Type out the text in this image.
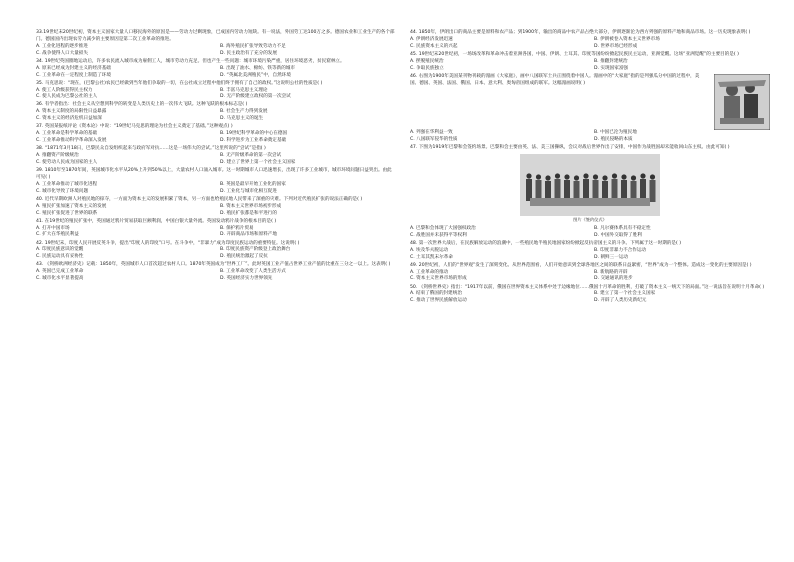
33.19世纪末20世纪初，资本主义国家大量人口移民海外的原因是——劳动力过剩现象，已成国内劳动力短缺。有一说法，外国劳工达100万之多。德国农业和工业生产的各个部门。德国国内出现农劳力减少的主要原因是第二次工业革命的推进。
A. 工业化进程的逐步推进	B. 海外殖民扩张导致劳动力不足
C. 战争使得人口大量损失	D. 民主政治有了充分的发展
34. 19世纪英国圈地运动后，许多农民流入城市成为雇佣工人，城市劳动力充足。但也产生一些问题：城市环境污染严重，居住环境恶劣，贫民窟林立。
A. 原来已经成为封建主义的经济基础	B. 出现了油水、棉纺、铁等新的城市
C. 工业革命在一定程度上制造了环境	D. “英属北美洲殖民”中，自然环境
35. 马克思说：“现在，(巴黎公社)农民已经做到当年他们争取的一切，在公社成立过程中他们终于拥有了自己的政权。”这说明公社的性质是( )
A. 使工人阶级获得民主权力	B. 丰富马克思主义理论
C. 使人民成为巴黎公社的主人	D. 无产阶级建立政权的第一次尝试
36. 有学者指出：社会主义从空想到科学的转变是人类历史上的一次伟大飞跃。这种飞跃的根本标志是( )
A. 资本主义制度的局限性日益暴露	B. 社会生产力得到发展
C. 资本主义的经济危机日益加深	D. 马克思主义的诞生
37. 英国某报纸评论《资本论》中说：“19世纪马克思的理论为社会主义奠定了基础。”这种观点( )
A. 工业革命是科学革命的基础	B. 19世纪科学革命的中心在德国
C. 工业革命推动科学革命深入发展	D. 科学进步为工业革命奠定基础
38. “1871年3月18日，巴黎民众自发组织起来与政府军对抗……这是一场伟大的尝试。”这里所说的“尝试”是指( )
A. 推翻资产阶级统治	B. 无产阶级革命的第一次尝试
C. 使劳动人民成为国家的主人	D. 建立了世界上第一个社会主义国家
39. 1810年至1870年间，英国城市化水平从20%上升到50%以上，大量农村人口涌入城市。这一时期城市人口迅速增长，出现了许多工业城市，城市环境问题日益突出。由此可见( )
A. 工业革命推动了城市化进程	B. 英国是最早开始工业化的国家
C. 城市化导致了环境问题	D. 工业化与城市化相互促进
40. 近代早期欧洲人对殖民地的掠夺，一方面为资本主义的发展积累了资本，另一方面也给殖民地人民带来了深重的灾难。下列对近代殖民扩张的说法正确的是( )
A. 殖民扩张加速了资本主义的发展	B. 资本主义世界市场初步形成
C. 殖民扩张促进了世界的联系	D. 殖民扩张都是和平进行的
41. 在19世纪的殖民扩张中，英国通过鸦片贸易获取巨额利润，中国白银大量外流。英国发动鸦片战争的根本目的是( )
A. 打开中国市场	B. 保护鸦片贸易
C. 扩大在华殖民利益	D. 开辟商品市场和原料产地
42. 19世纪末，印度人民开展反英斗争，提出“印度人的印度”口号。在斗争中，“非暴力”成为印度民族运动的重要特征。这说明( )
A. 印度民族意识的觉醒	B. 印度民族资产阶级登上政治舞台
C. 民族运动具有妥协性	D. 殖民统治激起了反抗
43. 《剑桥欧洲经济史》记载：1850年，英国城市人口首次超过农村人口。1870年英国成为“世界工厂”。此时英国工业产值占世界工业产值的比重在三分之一以上。这表明( )
A. 英国已完成工业革命	B. 工业革命改变了人类生活方式
C. 城市化水平显著提高	D. 英国经济实力世界领先
44. 1850年，伊朗出口的商品主要是原料和农产品；到1900年，输出的商品中农产品占绝大部分，伊朗逐渐沦为西方列强的原料产地和商品市场。这一历史现象表明( )
A. 伊朗经济发展迅速	B. 伊朗被卷入资本主义世界市场
C. 民族资本主义的兴起	D. 世界市场已经形成
45. 19世纪末20世纪初，一场场改革和革命冲击着亚洲各国，中国、伊朗、土耳其、印度等国纷纷掀起民族民主运动，亚洲觉醒。这场“亚洲觉醒”的主要目的是( )
A. 摆脱殖民统治	B. 推翻封建统治
C. 争取民族独立	D. 实现国家富强
46. 右图为1900年美国某刊物刊载的漫画《大家庭》，画中八国联军士兵正围绕着中国人。漫画中的“大家庭”指的是列强瓜分中国的过程中，美国、德国、英国、法国、俄国、日本、意大利、奥匈帝国组成的联军。这幅漫画说明( )
A. 列强在华利益一致	B. 中国已沦为殖民地
C. 八国联军侵华的性质	D. 殖民侵略的本质
47. 下图为1919年巴黎和会签约场景。巴黎和会主要由英、法、美三国操纵，会议对战后世界作出了安排，中国作为战胜国却未能收回山东主权。由此可知( )
图片《签约仪式》
A. 巴黎和会体现了大国强权政治	B. 凡尔赛体系具有不稳定性
C. 战胜国并未获得平等权利	D. 中国外交取得了胜利
48. 第一次世界大战后，在民族解放运动的浪潮中，一些殖民地半殖民地国家纷纷掀起反抗帝国主义的斗争。下列属于这一时期的是( )
A. 埃及华夫脱运动	B. 印度非暴力不合作运动
C. 土耳其凯末尔革命	D. 朝鲜三一运动
49. 20世纪初，人们的“世界观”发生了深刻变化。从世界范围看，人们开始意识到全球各地区之间的联系日益紧密，“世界”成为一个整体。造成这一变化的主要原因是( )
A. 工业革命的推动	B. 新航路的开辟
C. 资本主义世界市场的形成	D. 交通通讯的进步
50. 《剑桥世界史》指出：“1917年以前，俄国在世界资本主义体系中处于边缘地位……俄国十月革命的胜利，打破了资本主义一统天下的局面。”这一说法旨在说明十月革命( )
A. 结束了俄国的封建统治	B. 建立了第一个社会主义国家
C. 推动了世界民族解放运动	D. 开辟了人类历史新纪元
